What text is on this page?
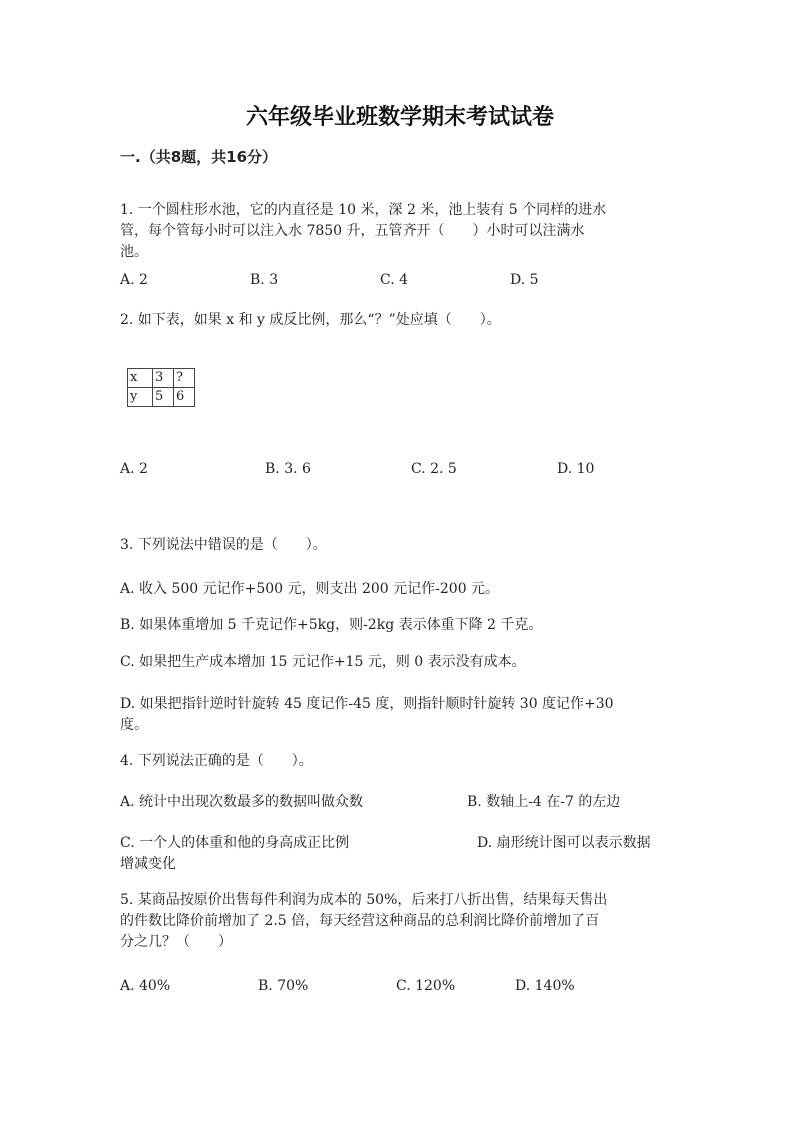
六年级毕业班数学期末考试试卷
一.（共8题，共16分）
1. 一个圆柱形水池，它的内直径是 10 米，深 2 米，池上装有 5 个同样的进水
管，每个管每小时可以注入水 7850 升，五管齐开（　　）小时可以注满水
池。
A. 2	B. 3	C. 4	D. 5
2. 如下表，如果 x 和 y 成反比例，那么“？”处应填（　　）。
x	3	?
y	5	6
A. 2	B. 3. 6	C. 2. 5	D. 10
3. 下列说法中错误的是（　　）。
A. 收入 500 元记作+500 元，则支出 200 元记作-200 元。
B. 如果体重增加 5 千克记作+5kg，则-2kg 表示体重下降 2 千克。
C. 如果把生产成本增加 15 元记作+15 元，则 0 表示没有成本。
D. 如果把指针逆时针旋转 45 度记作-45 度，则指针顺时针旋转 30 度记作+30
度。
4. 下列说法正确的是（　　）。
A. 统计中出现次数最多的数据叫做众数	B. 数轴上-4 在-7 的左边
C. 一个人的体重和他的身高成正比例	D. 扇形统计图可以表示数据
增减变化
5. 某商品按原价出售每件利润为成本的 50%，后来打八折出售，结果每天售出
的件数比降价前增加了 2.5 倍，每天经营这种商品的总利润比降价前增加了百
分之几？（　　）
A. 40%	B. 70%	C. 120%	D. 140%
